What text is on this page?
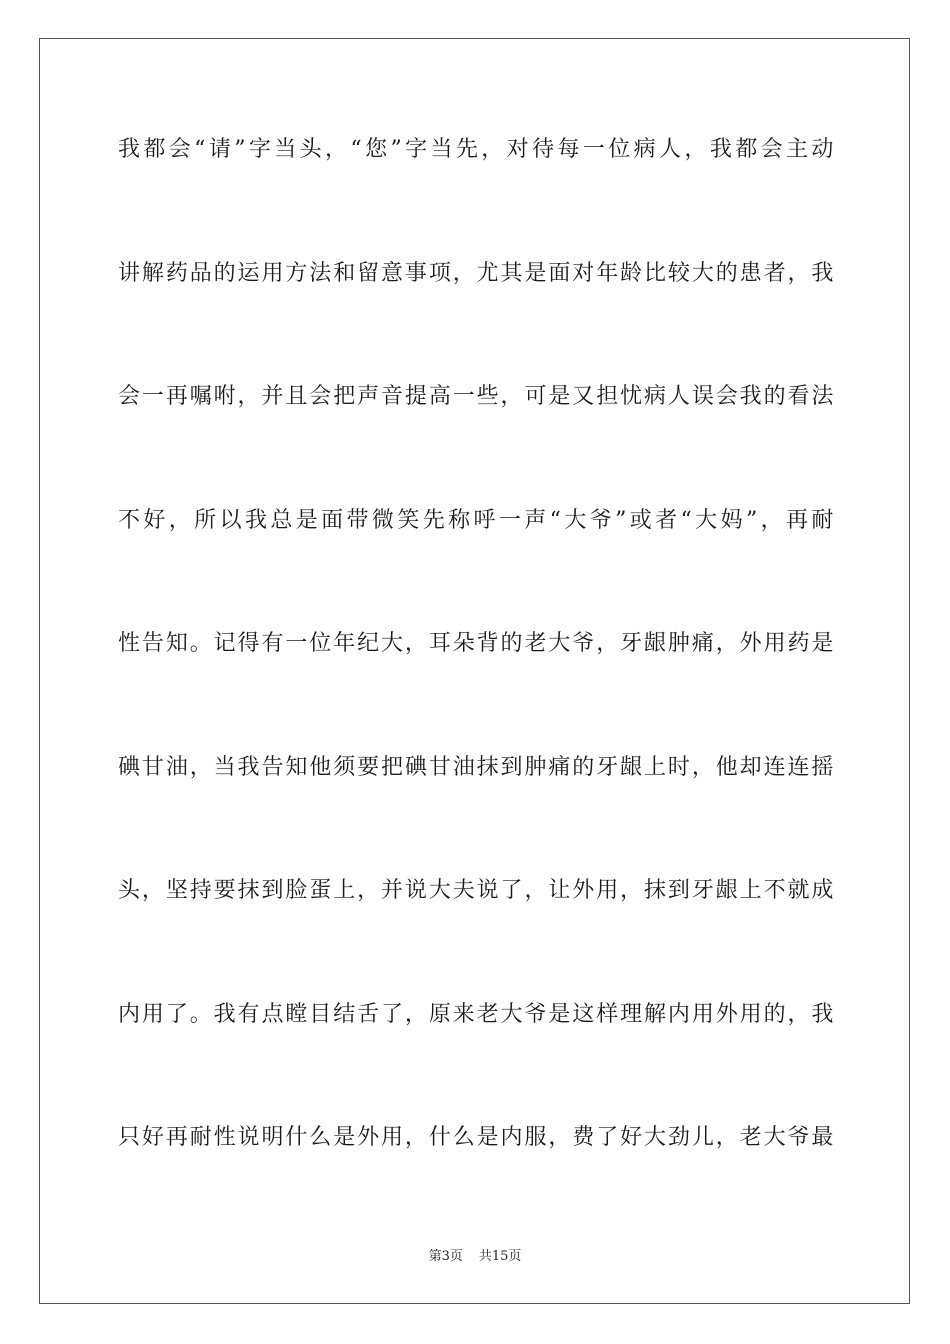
我都会“请”字当头，“您”字当先，对待每一位病人，我都会主动
讲解药品的运用方法和留意事项，尤其是面对年龄比较大的患者，我
会一再嘱咐，并且会把声音提高一些，可是又担忧病人误会我的看法
不好，所以我总是面带微笑先称呼一声“大爷”或者“大妈”，再耐
性告知。记得有一位年纪大，耳朵背的老大爷，牙龈肿痛，外用药是
碘甘油，当我告知他须要把碘甘油抹到肿痛的牙龈上时，他却连连摇
头，坚持要抹到脸蛋上，并说大夫说了，让外用，抹到牙龈上不就成
内用了。我有点瞠目结舌了，原来老大爷是这样理解内用外用的，我
只好再耐性说明什么是外用，什么是内服，费了好大劲儿，老大爷最
第3页 共15页
